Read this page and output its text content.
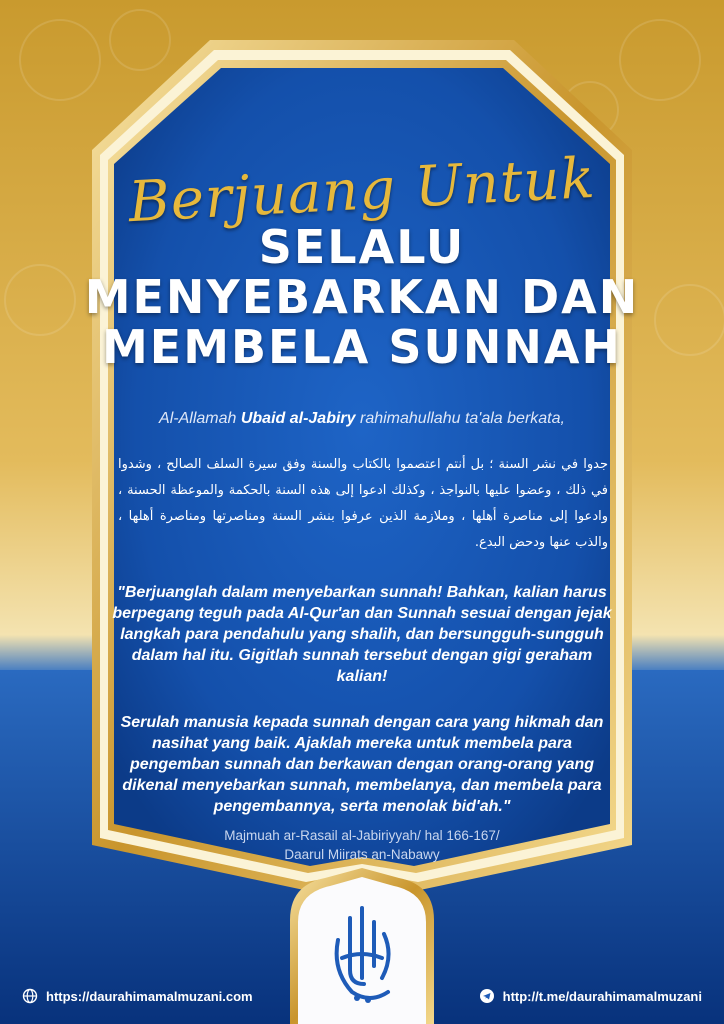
Berjuang Untuk
SELALU
MENYEBARKAN DAN
MEMBELA SUNNAH
Al-Allamah Ubaid al-Jabiry rahimahullahu ta'ala berkata,
جدوا في نشر السنة ؛ بل أنتم اعتصموا بالكتاب والسنة وفق سيرة السلف الصالح ، وشدوا في ذلك ، وعضوا عليها بالنواجذ ، وكذلك ادعوا إلى هذه السنة بالحكمة والموعظة الحسنة ، وادعوا إلى مناصرة أهلها ، وملازمة الذين عرفوا بنشر السنة ومناصرتها ومناصرة أهلها ، والذب عنها ودحض البدع.
"Berjuanglah dalam menyebarkan sunnah! Bahkan, kalian harus berpegang teguh pada Al-Qur'an dan Sunnah sesuai dengan jejak langkah para pendahulu yang shalih, dan bersungguh-sungguh dalam hal itu. Gigitlah sunnah tersebut dengan gigi geraham kalian!
Serulah manusia kepada sunnah dengan cara yang hikmah dan nasihat yang baik. Ajaklah mereka untuk membela para pengemban sunnah dan berkawan dengan orang-orang yang dikenal menyebarkan sunnah, membelanya, dan membela para pengembannya, serta menolak bid'ah."
Majmuah ar-Rasail al-Jabiriyyah/ hal 166-167/
Daarul Miirats an-Nabawy
https://daurahimamalmuzani.com	http://t.me/daurahimamalmuzani
